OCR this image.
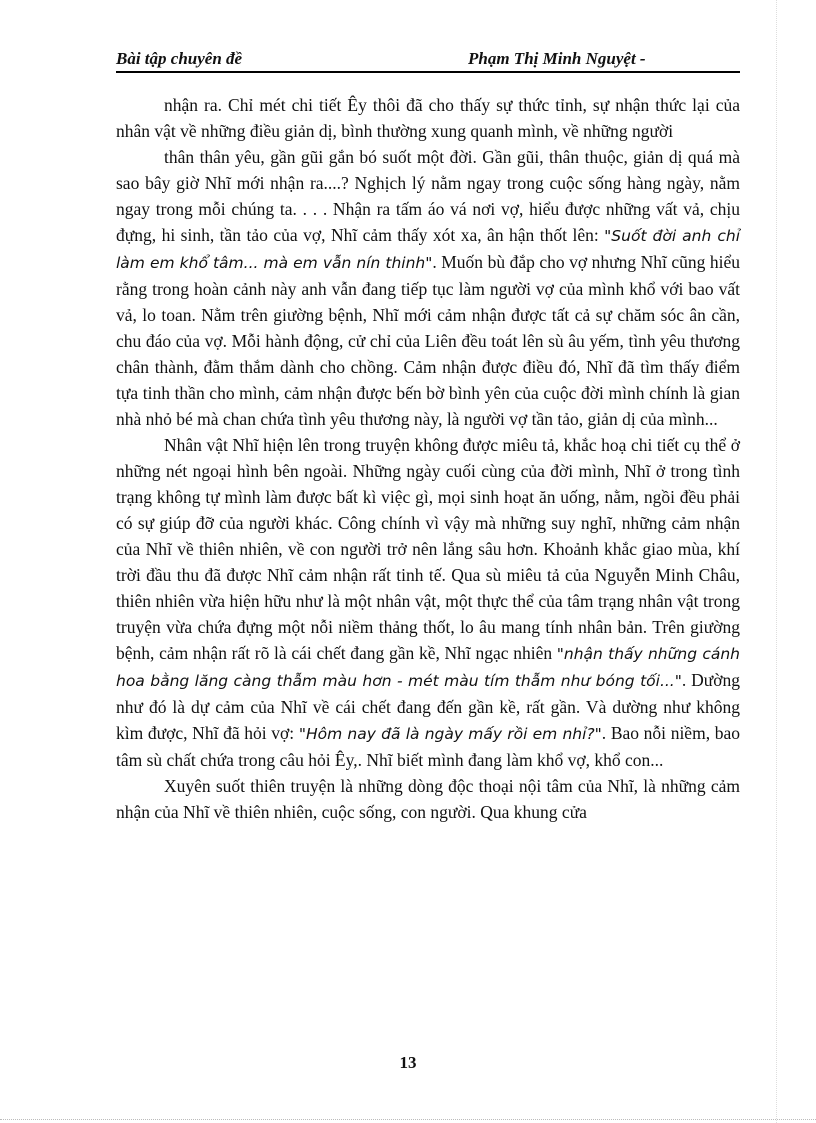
Bài tập chuyên đề	Phạm Thị Minh Nguyệt -

nhận ra. Chỉ mét chi tiết Êy thôi đã cho thấy sự thức tỉnh, sự nhận thức lại của nhân vật về những điều giản dị, bình thường xung quanh mình, về những người

thân thân yêu, gần gũi gắn bó suốt một đời. Gần gũi, thân thuộc, giản dị quá mà sao bây giờ Nhĩ mới nhận ra....? Nghịch lý nằm ngay trong cuộc sống hàng ngày, nằm ngay trong mỗi chúng ta. . . . Nhận ra tấm áo vá nơi vợ, hiểu được những vất vả, chịu đựng, hi sinh, tần tảo của vợ, Nhĩ cảm thấy xót xa, ân hận thốt lên: "Suốt đời anh chỉ làm em khổ tâm... mà em vẫn nín thinh". Muốn bù đắp cho vợ nhưng Nhĩ cũng hiểu rằng trong hoàn cảnh này anh vẫn đang tiếp tục làm người vợ của mình khổ với bao vất vả, lo toan. Nằm trên giường bệnh, Nhĩ mới cảm nhận được tất cả sự chăm sóc ân cần, chu đáo của vợ. Mỗi hành động, cử chỉ của Liên đều toát lên sù âu yếm, tình yêu thương chân thành, đằm thắm dành cho chồng. Cảm nhận được điều đó, Nhĩ đã tìm thấy điểm tựa tinh thần cho mình, cảm nhận được bến bờ bình yên của cuộc đời mình chính là gian nhà nhỏ bé mà chan chứa tình yêu thương này, là người vợ tần tảo, giản dị của mình...

Nhân vật Nhĩ hiện lên trong truyện không được miêu tả, khắc hoạ chi tiết cụ thể ở những nét ngoại hình bên ngoài. Những ngày cuối cùng của đời mình, Nhĩ ở trong tình trạng không tự mình làm được bất kì việc gì, mọi sinh hoạt ăn uống, nằm, ngồi đều phải có sự giúp đỡ của người khác. Công chính vì vậy mà những suy nghĩ, những cảm nhận của Nhĩ về thiên nhiên, về con người trở nên lắng sâu hơn. Khoảnh khắc giao mùa, khí trời đầu thu đã được Nhĩ cảm nhận rất tinh tế. Qua sù miêu tả của Nguyễn Minh Châu, thiên nhiên vừa hiện hữu như là một nhân vật, một thực thể của tâm trạng nhân vật trong truyện vừa chứa đựng một nỗi niềm thảng thốt, lo âu mang tính nhân bản. Trên giường bệnh, cảm nhận rất rõ là cái chết đang gần kề, Nhĩ ngạc nhiên "nhận thấy những cánh hoa bằng lăng càng thẫm màu hơn - mét màu tím thẫm như bóng tối...". Dường như đó là dự cảm của Nhĩ về cái chết đang đến gần kề, rất gần. Và dường như không kìm được, Nhĩ đã hỏi vợ: "Hôm nay đã là ngày mấy rồi em nhỉ?". Bao nỗi niềm, bao tâm sù chất chứa trong câu hỏi Êy,. Nhĩ biết mình đang làm khổ vợ, khổ con...

Xuyên suốt thiên truyện là những dòng độc thoại nội tâm của Nhĩ, là những cảm nhận của Nhĩ về thiên nhiên, cuộc sống, con người. Qua khung cửa

13
